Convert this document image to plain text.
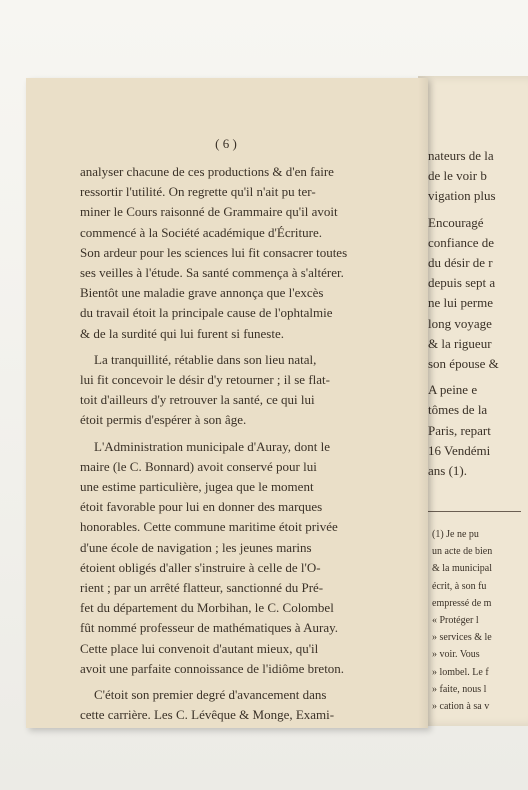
nateurs de la
de le voir b
vigation plus
Encouragé
confiance de
du désir de r
depuis sept a
ne lui perme
long voyage
& la rigueur
son épouse &
A peine e
tômes de la
Paris, repart
16 Vendémi
ans (1).
(1) Je ne pu
un acte de bien
& la municipal
écrit, à son fu
empressé de m
« Protéger l
» services & le
» voir. Vous
» lombel. Le f
» faite, nous l
» cation à sa v
( 6 )
analyser chacune de ces productions & d'en faire
ressortir l'utilité. On regrette qu'il n'ait pu ter-
miner le Cours raisonné de Grammaire qu'il avoit
commencé à la Société académique d'Écriture.
Son ardeur pour les sciences lui fit consacrer toutes
ses veilles à l'étude. Sa santé commença à s'altérer.
Bientôt une maladie grave annonça que l'excès
du travail étoit la principale cause de l'ophtalmie
& de la surdité qui lui furent si funeste.
La tranquillité, rétablie dans son lieu natal,
lui fit concevoir le désir d'y retourner ; il se flat-
toit d'ailleurs d'y retrouver la santé, ce qui lui
étoit permis d'espérer à son âge.
L'Administration municipale d'Auray, dont le
maire (le C. Bonnard) avoit conservé pour lui
une estime particulière, jugea que le moment
étoit favorable pour lui en donner des marques
honorables. Cette commune maritime étoit privée
d'une école de navigation ; les jeunes marins
étoient obligés d'aller s'instruire à celle de l'O-
rient ; par un arrêté flatteur, sanctionné du Pré-
fet du département du Morbihan, le C. Colombel
fût nommé professeur de mathématiques à Auray.
Cette place lui convenoit d'autant mieux, qu'il
avoit une parfaite connoissance de l'idiôme breton.
C'étoit son premier degré d'avancement dans
cette carrière. Les C. Lévêque & Monge, Exami-
